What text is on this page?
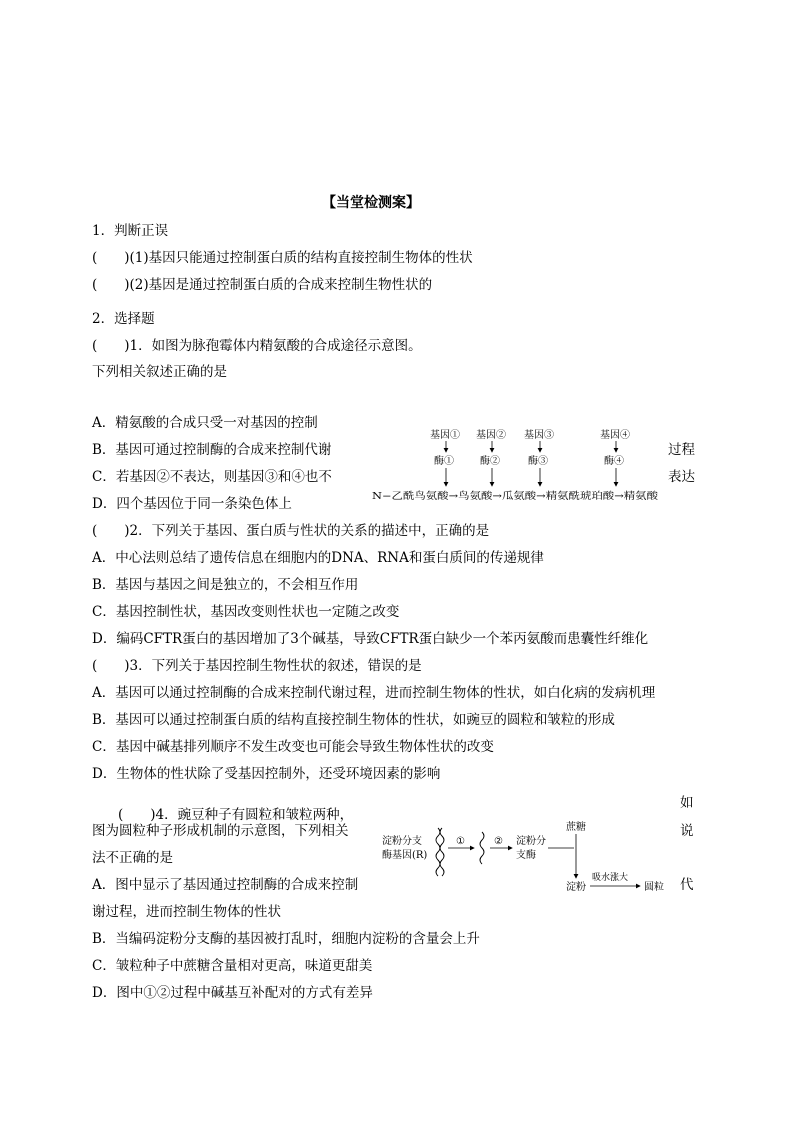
【当堂检测案】
1．判断正误
(　　)(1)基因只能通过控制蛋白质的结构直接控制生物体的性状
(　　)(2)基因是通过控制蛋白质的合成来控制生物性状的
2．选择题
(　　)1．如图为脉孢霉体内精氨酸的合成途径示意图。
下列相关叙述正确的是
A．精氨酸的合成只受一对基因的控制
B．基因可通过控制酶的合成来控制代谢	过程
C．若基因②不表达，则基因③和④也不	表达
D．四个基因位于同一条染色体上
基因① 基因② 基因③	基因④
酶①	酶②	酶③	酶④
N−乙酰鸟氨酸→鸟氨酸→瓜氨酸→精氨酰琥珀酸→精氨酸
(　　)2．下列关于基因、蛋白质与性状的关系的描述中，正确的是
A．中心法则总结了遗传信息在细胞内的DNA、RNA和蛋白质间的传递规律
B．基因与基因之间是独立的，不会相互作用
C．基因控制性状，基因改变则性状也一定随之改变
D．编码CFTR蛋白的基因增加了3个碱基，导致CFTR蛋白缺少一个苯丙氨酸而患囊性纤维化
(　　)3．下列关于基因控制生物性状的叙述，错误的是
A．基因可以通过控制酶的合成来控制代谢过程，进而控制生物体的性状，如白化病的发病机理
B．基因可以通过控制蛋白质的结构直接控制生物体的性状，如豌豆的圆粒和皱粒的形成
C．基因中碱基排列顺序不发生改变也可能会导致生物体性状的改变
D．生物体的性状除了受基因控制外，还受环境因素的影响
如
(　　)4．豌豆种子有圆粒和皱粒两种，
图为圆粒种子形成机制的示意图，下列相关	说
法不正确的是
A．图中显示了基因通过控制酶的合成来控制	代
谢过程，进而控制生物体的性状
B．当编码淀粉分支酶的基因被打乱时，细胞内淀粉的含量会上升
C．皱粒种子中蔗糖含量相对更高，味道更甜美
D．图中①②过程中碱基互补配对的方式有差异
淀粉分支
酶基因(R)
①	② 淀粉分
支酶
蔗糖
淀粉
吸水涨大
圆粒
